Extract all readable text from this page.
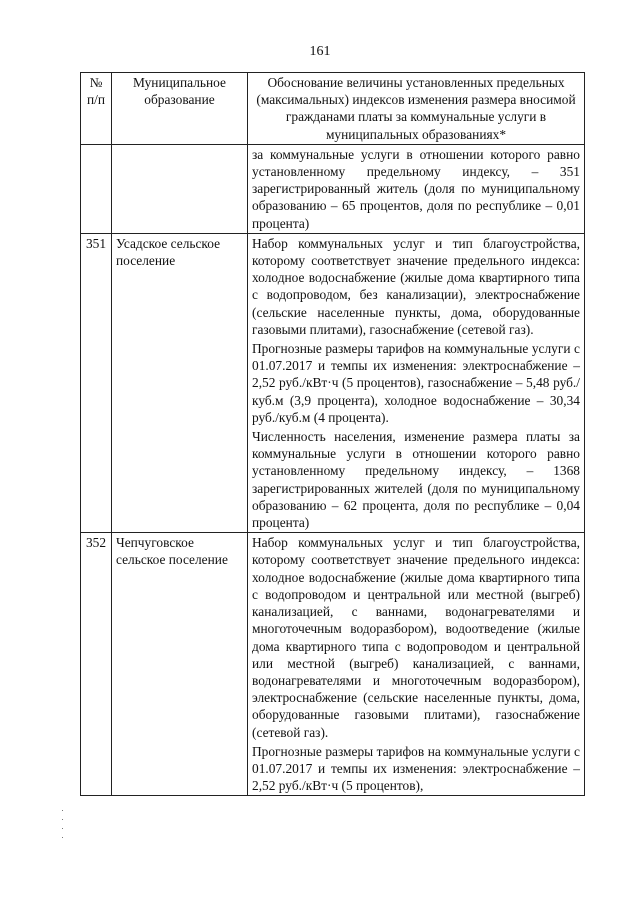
161
№ п/п	Муниципальное образование	Обоснование величины установленных предельных (максимальных) индексов изменения размера вносимой гражданами платы за коммунальные услуги в муниципальных образованиях*

		за коммунальные услуги в отношении которого равно установленному предельному индексу, – 351 зарегистрированный житель (доля по муниципальному образованию – 65 процентов, доля по республике – 0,01 процента)

351	Усадское сельское поселение	Набор коммунальных услуг и тип благоустройства, которому соответствует значение предельного индекса: холодное водоснабжение (жилые дома квартирного типа с водопроводом, без канализации), электроснабжение (сельские населенные пункты, дома, оборудованные газовыми плитами), газоснабжение (сетевой газ).

Прогнозные размеры тарифов на коммунальные услуги с 01.07.2017 и темпы их изменения: электроснабжение – 2,52 руб./кВт·ч (5 процентов), газоснабжение – 5,48 руб./куб.м (3,9 процента), холодное водоснабжение – 30,34 руб./куб.м (4 процента).

Численность населения, изменение размера платы за коммунальные услуги в отношении которого равно установленному предельному индексу, – 1368 зарегистрированных жителей (доля по муниципальному образованию – 62 процента, доля по республике – 0,04 процента)

352	Чепчуговское сельское поселение	Набор коммунальных услуг и тип благоустройства, которому соответствует значение предельного индекса: холодное водоснабжение (жилые дома квартирного типа с водопроводом и центральной или местной (выгреб) канализацией, с ваннами, водонагревателями и многоточечным водоразбором), водоотведение (жилые дома квартирного типа с водопроводом и центральной или местной (выгреб) канализацией, с ваннами, водонагревателями и многоточечным водоразбором), электроснабжение (сельские населенные пункты, дома, оборудованные газовыми плитами), газоснабжение (сетевой газ).

Прогнозные размеры тарифов на коммунальные услуги с 01.07.2017 и темпы их изменения: электроснабжение – 2,52 руб./кВт·ч (5 процентов),
